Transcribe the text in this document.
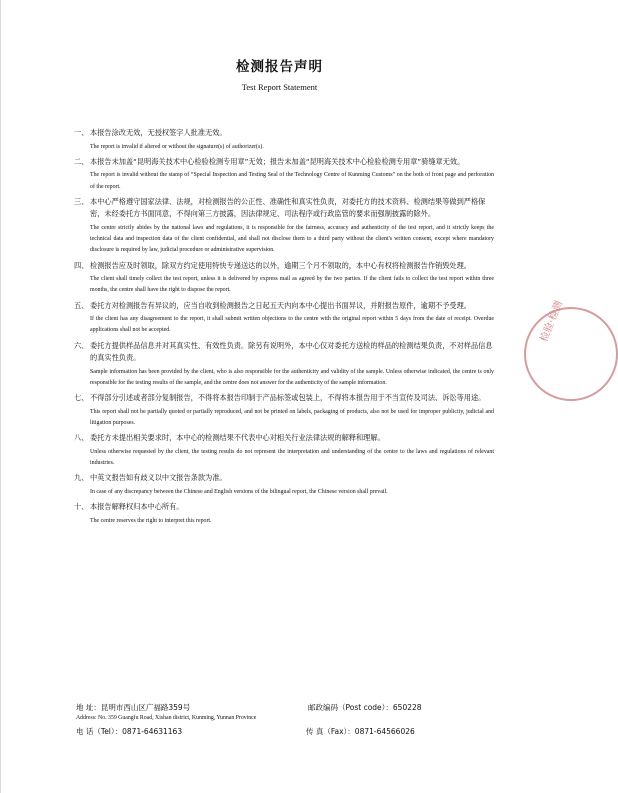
检测报告声明
Test Report Statement

一、 本报告涂改无效，无授权签字人批准无效。

The report is invalid if altered or without the signature(s) of authorizer(s).

二、 本报告未加盖“昆明海关技术中心检验检测专用章”无效；报告未加盖“昆明海关技术中心检验检测专用章”骑缝章无效。

The report is invalid without the stamp of “Special Inspection and Testing Seal of the Technology Centre of Kunming Customs” on the both of front page and perforation of the report.

三、 本中心严格遵守国家法律、法规，对检测报告的公正性、准确性和真实性负责，对委托方的技术资料、检测结果等做到严格保密，未经委托方书面同意，不得向第三方披露，因法律规定、司法程序或行政监管的要求而强制披露的除外。

The centre strictly abides by the national laws and regulations, it is responsible for the fairness, accuracy and authenticity of the test report, and it strictly keeps the technical data and inspection data of the client confidential, and shall not disclose them to a third party without the client's written consent, except where mandatory disclosure is required by law, judicial procedure or administrative supervision.

四、 检测报告应及时领取，除双方约定使用特快专递送达的以外，逾期三个月不领取的，本中心有权将检测报告作销毁处理。

The client shall timely collect the test report, unless it is delivered by express mail as agreed by the two parties. If the client fails to collect the test report within three months, the centre shall have the right to dispose the report.

五、 委托方对检测报告有异议的，应当自收到检测报告之日起五天内向本中心提出书面异议，并附报告原件，逾期不予受理。

If the client has any disagreement to the report, it shall submit written objections to the centre with the original report within 5 days from the date of receipt. Overdue applications shall not be accepted.

六、 委托方提供样品信息并对其真实性、有效性负责。除另有说明外，本中心仅对委托方送检的样品的检测结果负责，不对样品信息的真实性负责。

Sample information has been provided by the client, who is also responsible for the authenticity and validity of the sample. Unless otherwise indicated, the centre is only responsible for the testing results of the sample, and the centre does not answer for the authenticity of the sample information.

七、 不得部分引述或者部分复制报告，不得将本报告印制于产品标签或包装上，不得将本报告用于不当宣传及司法、诉讼等用途。

This report shall not be partially quoted or partially reproduced, and not be printed on labels, packaging of products, also not be used for improper publicity, judicial and litigation purposes.

八、 委托方未提出相关要求时，本中心的检测结果不代表中心对相关行业法律法规的解释和理解。

Unless otherwise requested by the client, the testing results do not represent the interpretation and understanding of the centre to the laws and regulations of relevant industries.

九、 中英文报告如有歧义以中文报告条款为准。

In case of any discrepancy between the Chinese and English versions of the bilingual report, the Chinese version shall prevail.

十、 本报告解释权归本中心所有。

The centre reserves the right to interpret this report.

检验·检测
地 址：昆明市西山区广福路359号	邮政编码（Post code）：650228
Address: No. 359 Guangfu Road, Xishan district, Kunming, Yunnan Province
电 话（Tel）：0871-64631163	传 真（Fax）：0871-64566026
